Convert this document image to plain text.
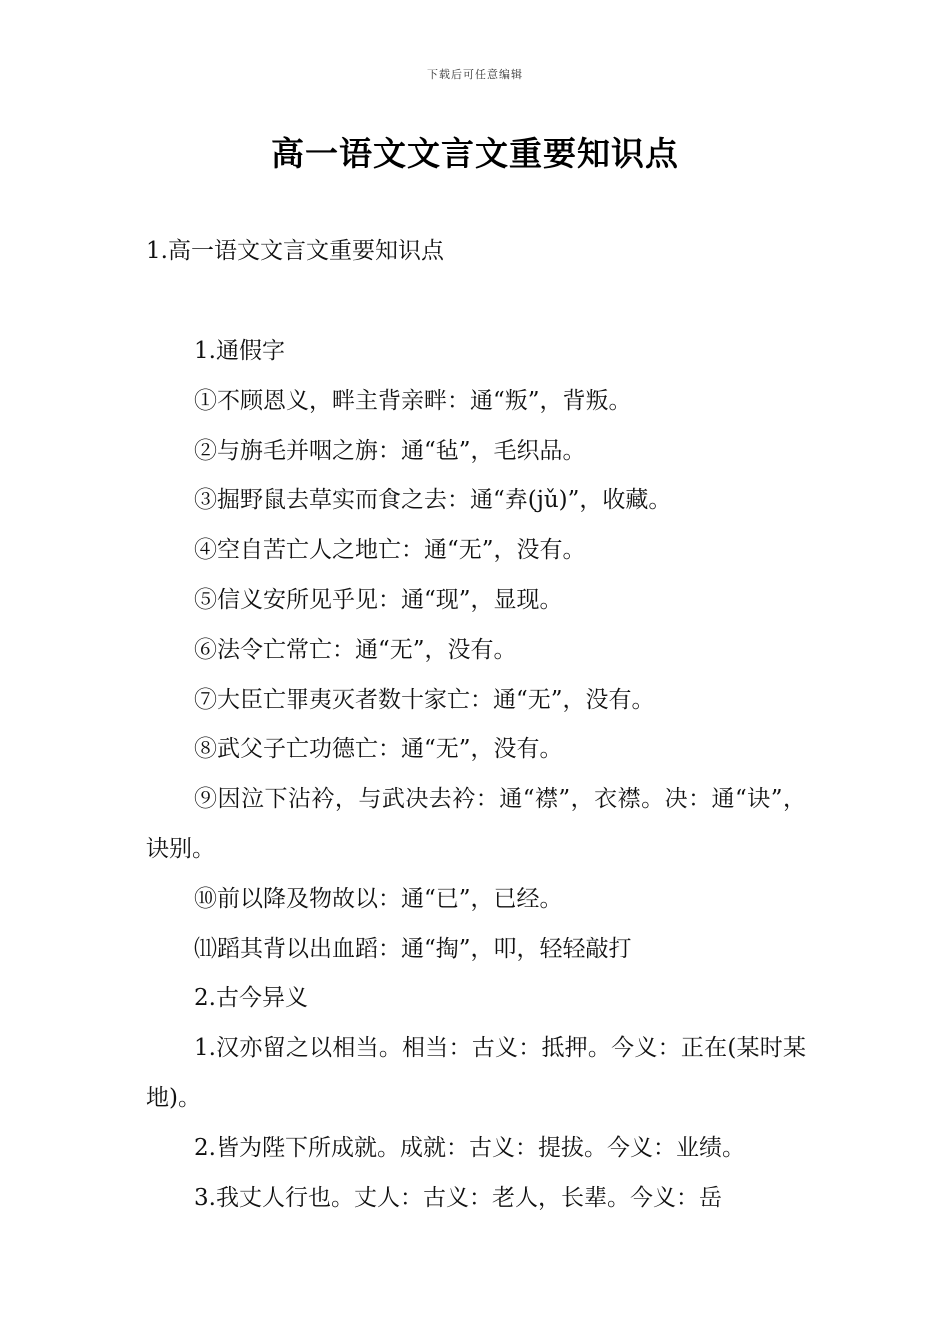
下载后可任意编辑
高一语文文言文重要知识点
1.高一语文文言文重要知识点

1.通假字

①不顾恩义，畔主背亲畔：通“叛”，背叛。

②与旃毛并咽之旃：通“毡”，毛织品。

③掘野鼠去草实而食之去：通“弆(jǔ)”，收藏。

④空自苦亡人之地亡：通“无”，没有。

⑤信义安所见乎见：通“现”，显现。

⑥法令亡常亡：通“无”，没有。

⑦大臣亡罪夷灭者数十家亡：通“无”，没有。

⑧武父子亡功德亡：通“无”，没有。

⑨因泣下沾衿，与武决去衿：通“襟”，衣襟。决：通“诀”，诀别。

⑩前以降及物故以：通“已”，已经。

⑾蹈其背以出血蹈：通“掏”，叩，轻轻敲打

2.古今异义

1.汉亦留之以相当。相当：古义：抵押。今义：正在(某时某地)。

2.皆为陛下所成就。成就：古义：提拔。今义：业绩。

3.我丈人行也。丈人：古义：老人，长辈。今义：岳
